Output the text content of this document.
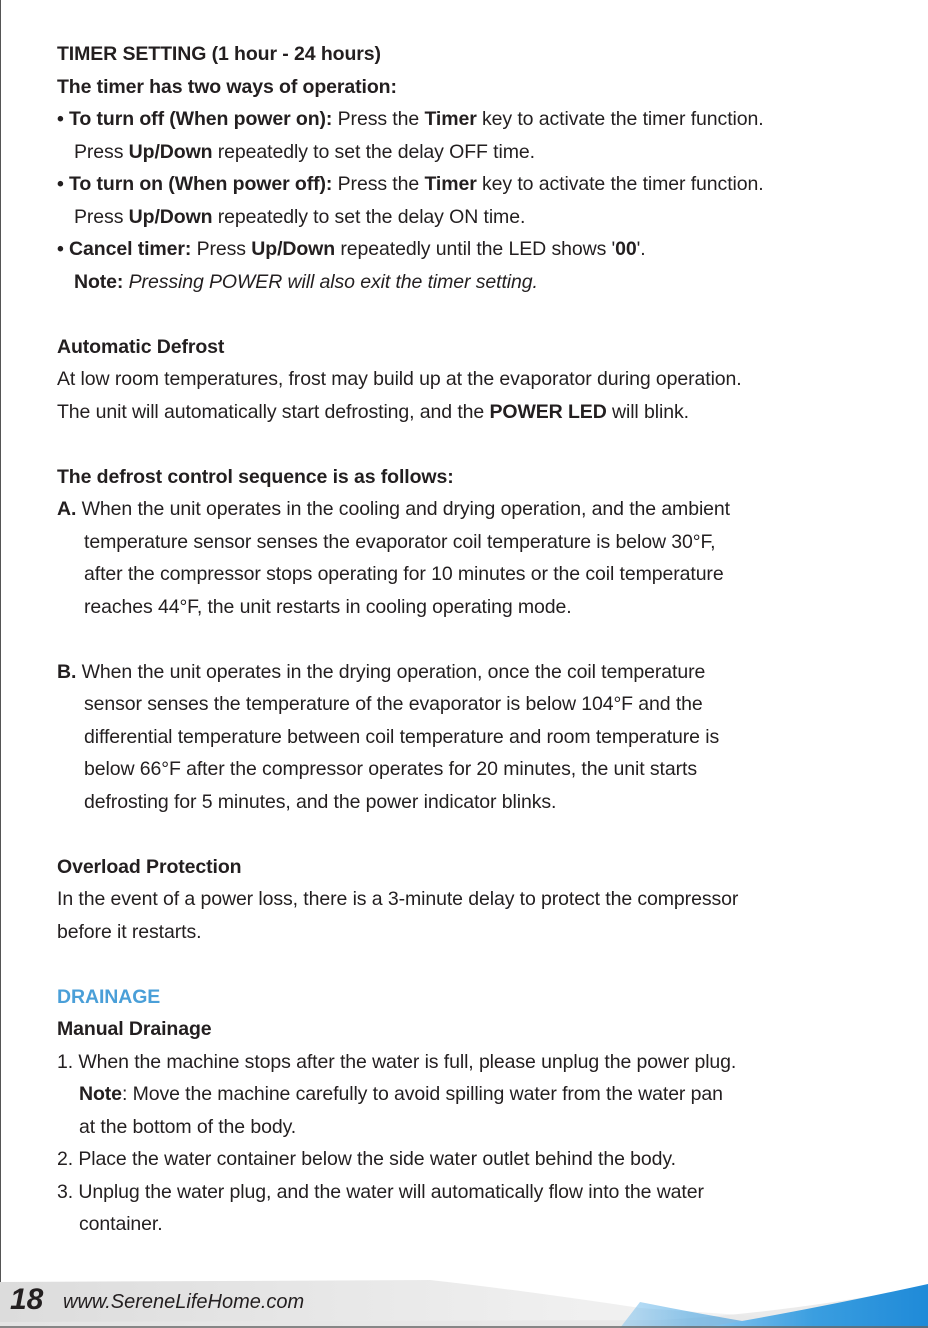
TIMER SETTING (1 hour - 24 hours)

The timer has two ways of operation:

• To turn off (When power on): Press the Timer key to activate the timer function.

Press Up/Down repeatedly to set the delay OFF time.

• To turn on (When power off): Press the Timer key to activate the timer function.

Press Up/Down repeatedly to set the delay ON time.

• Cancel timer: Press Up/Down repeatedly until the LED shows '00'.

Note: Pressing POWER will also exit the timer setting.

Automatic Defrost

At low room temperatures, frost may build up at the evaporator during operation.

The unit will automatically start defrosting, and the POWER LED will blink.

The defrost control sequence is as follows:

A. When the unit operates in the cooling and drying operation, and the ambient

temperature sensor senses the evaporator coil temperature is below 30°F,

after the compressor stops operating for 10 minutes or the coil temperature

reaches 44°F, the unit restarts in cooling operating mode.

B. When the unit operates in the drying operation, once the coil temperature

sensor senses the temperature of the evaporator is below 104°F and the

differential temperature between coil temperature and room temperature is

below 66°F after the compressor operates for 20 minutes, the unit starts

defrosting for 5 minutes, and the power indicator blinks.

Overload Protection

In the event of a power loss, there is a 3-minute delay to protect the compressor

before it restarts.

DRAINAGE

Manual Drainage

1. When the machine stops after the water is full, please unplug the power plug.

Note: Move the machine carefully to avoid spilling water from the water pan

at the bottom of the body.

2. Place the water container below the side water outlet behind the body.

3. Unplug the water plug, and the water will automatically flow into the water

container.

18 www.SereneLifeHome.com
